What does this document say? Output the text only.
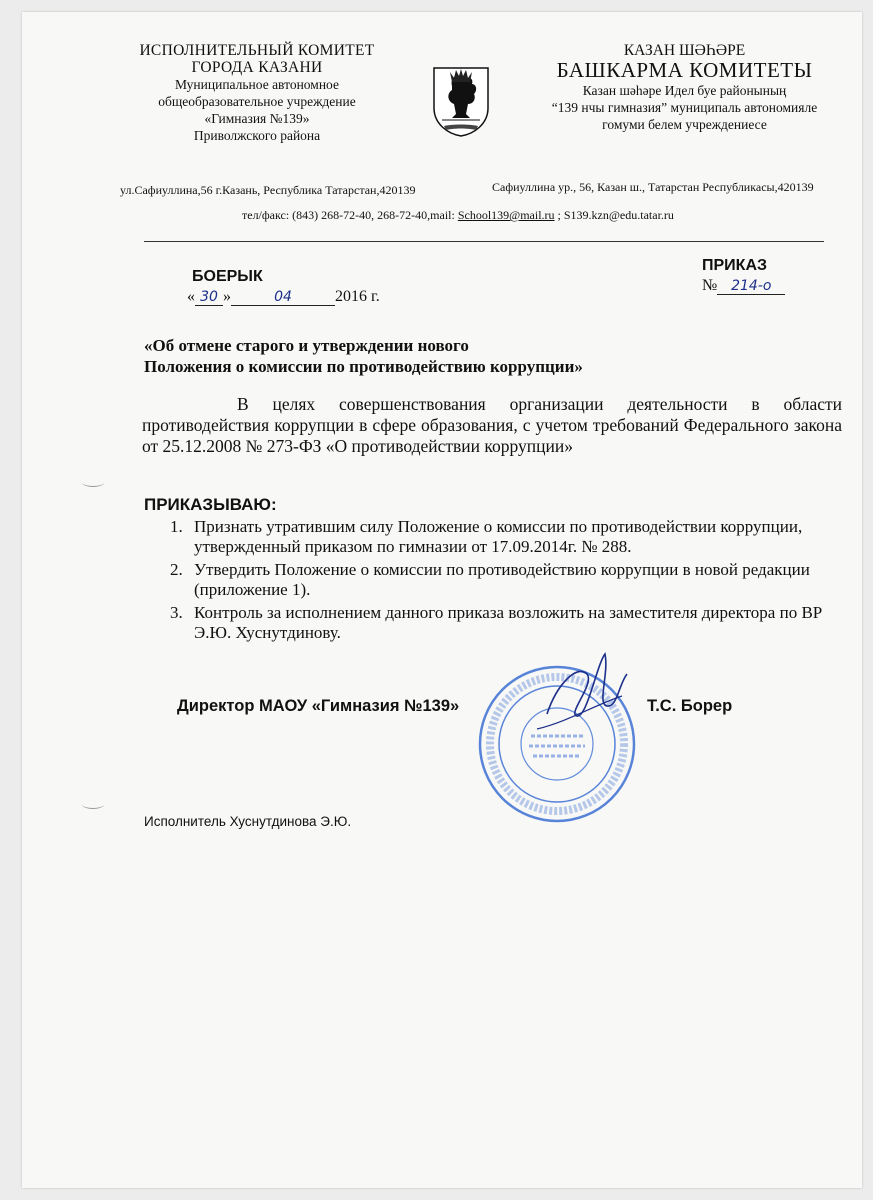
ИСПОЛНИТЕЛЬНЫЙ КОМИТЕТ
ГОРОДА КАЗАНИ
Муниципальное автономное
общеобразовательное учреждение
«Гимназия №139»
Приволжского района
КАЗАН ШӘҺӘРЕ
БАШКАРМА КОМИТЕТЫ
Казан шәһәре Идел буе районының
“139 нчы гимназия” муниципаль автономияле
гомуми белем учреждениесе
ул.Сафиуллина,56 г.Казань, Республика Татарстан,420139	Сафиуллина ур., 56, Казан ш., Татарстан Республикасы,420139
тел/факс: (843) 268-72-40, 268-72-40,mail: School139@mail.ru ; S139.kzn@edu.tatar.ru
БОЕРЫК
« 30 »	04	2016 г.
ПРИКАЗ
№ 214-о
«Об отмене старого и утверждении нового
Положения о комиссии по противодействию коррупции»
В целях совершенствования организации деятельности в области
противодействия коррупции в сфере образования, с учетом требований Федерального закона от 25.12.2008 № 273-ФЗ «О противодействии коррупции»
ПРИКАЗЫВАЮ:
1. Признать утратившим силу Положение о комиссии по противодействии коррупции, утвержденный приказом по гимназии от 17.09.2014г. № 288.
2. Утвердить Положение о комиссии по противодействию коррупции в новой редакции (приложение 1).
3. Контроль за исполнением данного приказа возложить на заместителя директора по ВР Э.Ю. Хуснутдинову.
Директор МАОУ «Гимназия №139»	Т.С. Борер
Исполнитель Хуснутдинова Э.Ю.
